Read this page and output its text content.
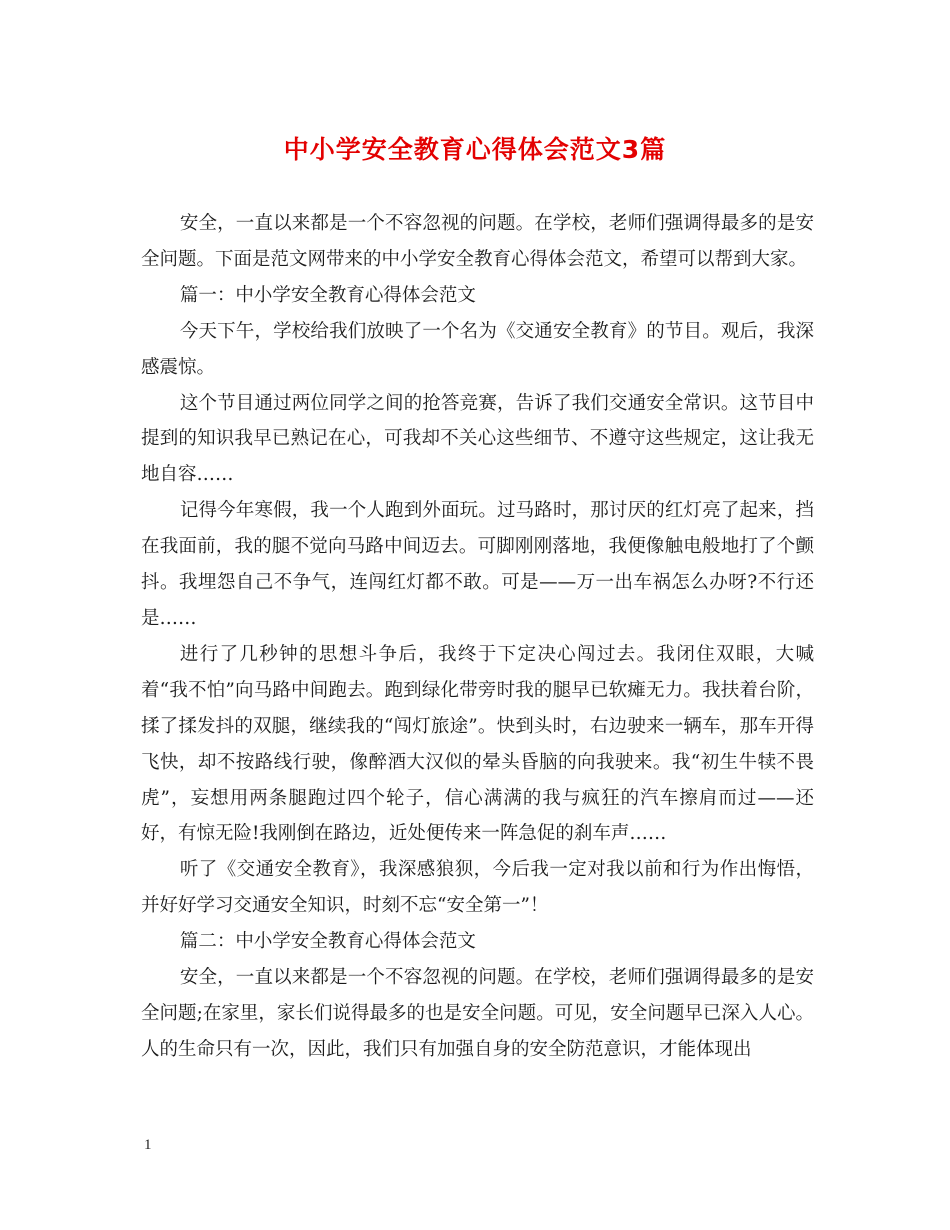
中小学安全教育心得体会范文3篇

安全，一直以来都是一个不容忽视的问题。在学校，老师们强调得最多的是安全问题。下面是范文网带来的中小学安全教育心得体会范文，希望可以帮到大家。

篇一：中小学安全教育心得体会范文

今天下午，学校给我们放映了一个名为《交通安全教育》的节目。观后，我深感震惊。

这个节目通过两位同学之间的抢答竞赛，告诉了我们交通安全常识。这节目中提到的知识我早已熟记在心，可我却不关心这些细节、不遵守这些规定，这让我无地自容……

记得今年寒假，我一个人跑到外面玩。过马路时，那讨厌的红灯亮了起来，挡在我面前，我的腿不觉向马路中间迈去。可脚刚刚落地，我便像触电般地打了个颤抖。我埋怨自己不争气，连闯红灯都不敢。可是——万一出车祸怎么办呀?不行还是……

进行了几秒钟的思想斗争后，我终于下定决心闯过去。我闭住双眼，大喊着“我不怕”向马路中间跑去。跑到绿化带旁时我的腿早已软瘫无力。我扶着台阶，揉了揉发抖的双腿，继续我的“闯灯旅途”。快到头时，右边驶来一辆车，那车开得飞快，却不按路线行驶，像醉酒大汉似的晕头昏脑的向我驶来。我“初生牛犊不畏虎”，妄想用两条腿跑过四个轮子，信心满满的我与疯狂的汽车擦肩而过——还好，有惊无险!我刚倒在路边，近处便传来一阵急促的刹车声……

听了《交通安全教育》，我深感狼狈，今后我一定对我以前和行为作出悔悟，并好好学习交通安全知识，时刻不忘“安全第一”！

篇二：中小学安全教育心得体会范文

安全，一直以来都是一个不容忽视的问题。在学校，老师们强调得最多的是安全问题;在家里，家长们说得最多的也是安全问题。可见，安全问题早已深入人心。人的生命只有一次，因此，我们只有加强自身的安全防范意识，才能体现出

1
